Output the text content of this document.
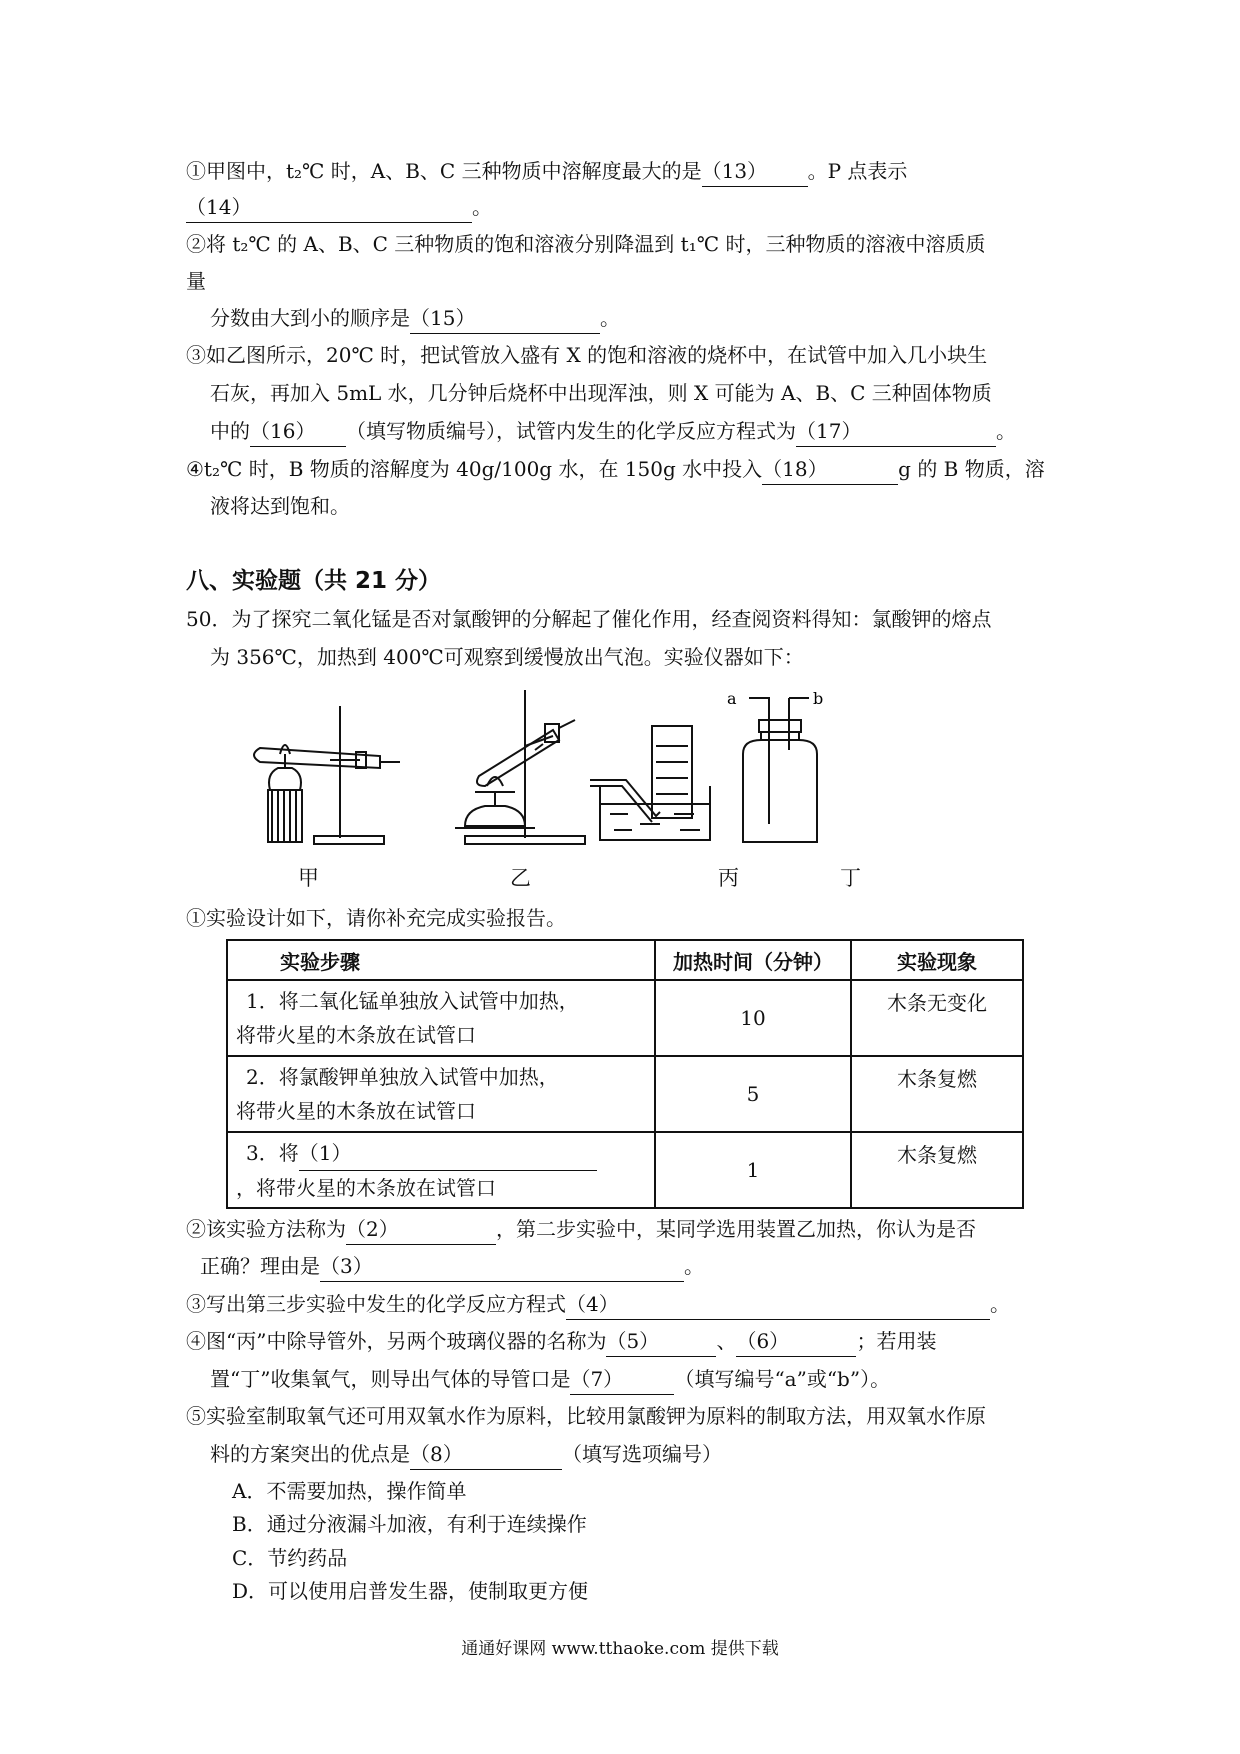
①甲图中，t₂℃ 时，A、B、C 三种物质中溶解度最大的是（13） 。P 点表示
（14）	。
②将 t₂℃ 的 A、B、C 三种物质的饱和溶液分别降温到 t₁℃ 时，三种物质的溶液中溶质质
量
分数由大到小的顺序是（15）	。
③如乙图所示，20℃ 时，把试管放入盛有 X 的饱和溶液的烧杯中，在试管中加入几小块生
石灰，再加入 5mL 水，几分钟后烧杯中出现浑浊，则 X 可能为 A、B、C 三种固体物质
中的（16） （填写物质编号），试管内发生的化学反应方程式为（17）	。
④t₂℃ 时，B 物质的溶解度为 40g/100g 水，在 150g 水中投入（18）	g 的 B 物质，溶
液将达到饱和。
八、实验题（共 21 分）
50．为了探究二氧化锰是否对氯酸钾的分解起了催化作用，经查阅资料得知：氯酸钾的熔点
为 356℃，加热到 400℃可观察到缓慢放出气泡。实验仪器如下：
a	b
甲	乙	丙	丁
①实验设计如下，请你补充完成实验报告。
实验步骤	加热时间（分钟）	实验现象

1．将二氧化锰单独放入试管中加热，
将带火星的木条放在试管口	10	木条无变化

2．将氯酸钾单独放入试管中加热，
将带火星的木条放在试管口	5	木条复燃

3．将（1）
，将带火星的木条放在试管口	1	木条复燃
②该实验方法称为（2）	，第二步实验中，某同学选用装置乙加热，你认为是否
正确？理由是（3）	。
③写出第三步实验中发生的化学反应方程式（4）	。
④图“丙”中除导管外，另两个玻璃仪器的名称为（5）	、（6）	；若用装
置“丁”收集氧气，则导出气体的导管口是（7）	（填写编号“a”或“b”）。
⑤实验室制取氧气还可用双氧水作为原料，比较用氯酸钾为原料的制取方法，用双氧水作原
料的方案突出的优点是（8）	（填写选项编号）
A．不需要加热，操作简单
B．通过分液漏斗加液，有利于连续操作
C．节约药品
D．可以使用启普发生器，使制取更方便
通通好课网 www.tthaoke.com 提供下载
